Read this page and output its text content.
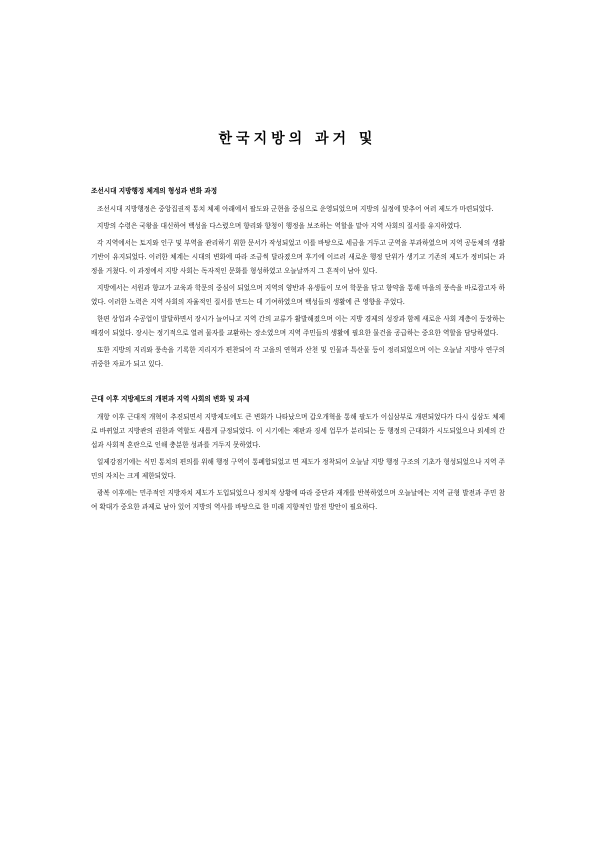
한국지방의 과거 및

조선시대 지방행정 체계의 형성과 변화 과정

조선시대 지방행정은 중앙집권적 통치 체제 아래에서 팔도와 군현을 중심으로 운영되었으며 지방의 실정에 맞추어 여러 제도가 마련되었다.

지방의 수령은 국왕을 대신하여 백성을 다스렸으며 향리와 향청이 행정을 보조하는 역할을 맡아 지역 사회의 질서를 유지하였다.

각 지역에서는 토지와 인구 및 부역을 관리하기 위한 문서가 작성되었고 이를 바탕으로 세금을 거두고 군역을 부과하였으며 지역 공동체의 생활 기반이 유지되었다. 이러한 체계는 시대의 변화에 따라 조금씩 달라졌으며 후기에 이르러 새로운 행정 단위가 생기고 기존의 제도가 정비되는 과정을 거쳤다. 이 과정에서 지방 사회는 독자적인 문화를 형성하였고 오늘날까지 그 흔적이 남아 있다.

지방에서는 서원과 향교가 교육과 학문의 중심이 되었으며 지역의 양반과 유생들이 모여 학문을 닦고 향약을 통해 마을의 풍속을 바로잡고자 하였다. 이러한 노력은 지역 사회의 자율적인 질서를 만드는 데 기여하였으며 백성들의 생활에 큰 영향을 주었다.

한편 상업과 수공업이 발달하면서 장시가 늘어나고 지역 간의 교류가 활발해졌으며 이는 지방 경제의 성장과 함께 새로운 사회 계층이 등장하는 배경이 되었다. 장시는 정기적으로 열려 물자를 교환하는 장소였으며 지역 주민들의 생활에 필요한 물건을 공급하는 중요한 역할을 담당하였다.

또한 지방의 지리와 풍속을 기록한 지리지가 편찬되어 각 고을의 연혁과 산천 및 인물과 특산물 등이 정리되었으며 이는 오늘날 지방사 연구의 귀중한 자료가 되고 있다.

근대 이후 지방제도의 개편과 지역 사회의 변화 및 과제

개항 이후 근대적 개혁이 추진되면서 지방제도에도 큰 변화가 나타났으며 갑오개혁을 통해 팔도가 이십삼부로 개편되었다가 다시 십삼도 체제로 바뀌었고 지방관의 권한과 역할도 새롭게 규정되었다. 이 시기에는 재판과 징세 업무가 분리되는 등 행정의 근대화가 시도되었으나 외세의 간섭과 사회적 혼란으로 인해 충분한 성과를 거두지 못하였다.

일제강점기에는 식민 통치의 편의를 위해 행정 구역이 통폐합되었고 면 제도가 정착되어 오늘날 지방 행정 구조의 기초가 형성되었으나 지역 주민의 자치는 크게 제한되었다.

광복 이후에는 민주적인 지방자치 제도가 도입되었으나 정치적 상황에 따라 중단과 재개를 반복하였으며 오늘날에는 지역 균형 발전과 주민 참여 확대가 중요한 과제로 남아 있어 지방의 역사를 바탕으로 한 미래 지향적인 발전 방안이 필요하다.
